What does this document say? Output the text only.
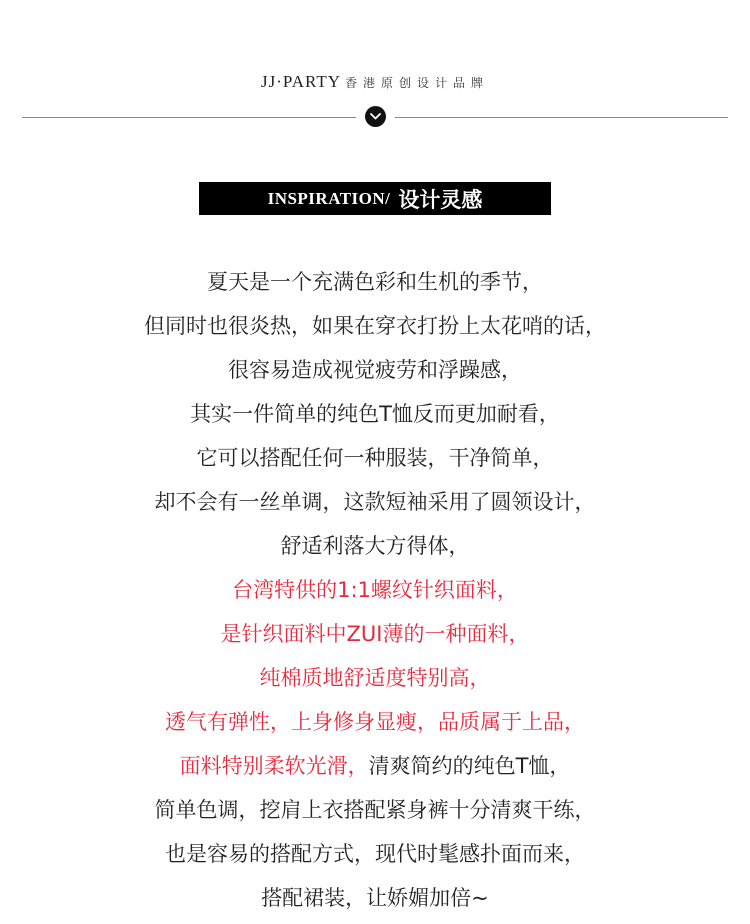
JJ·PARTY 香港原创设计品牌
INSPIRATION/ 设计灵感
夏天是一个充满色彩和生机的季节，
但同时也很炎热，如果在穿衣打扮上太花哨的话，
很容易造成视觉疲劳和浮躁感，
其实一件简单的纯色T恤反而更加耐看，
它可以搭配任何一种服装，干净简单，
却不会有一丝单调，这款短袖采用了圆领设计，
舒适利落大方得体，
台湾特供的1:1螺纹针织面料，
是针织面料中ZUI薄的一种面料，
纯棉质地舒适度特别高，
透气有弹性，上身修身显瘦，品质属于上品，
面料特别柔软光滑，清爽简约的纯色T恤，
简单色调，挖肩上衣搭配紧身裤十分清爽干练，
也是容易的搭配方式，现代时髦感扑面而来，
搭配裙装，让娇媚加倍~
